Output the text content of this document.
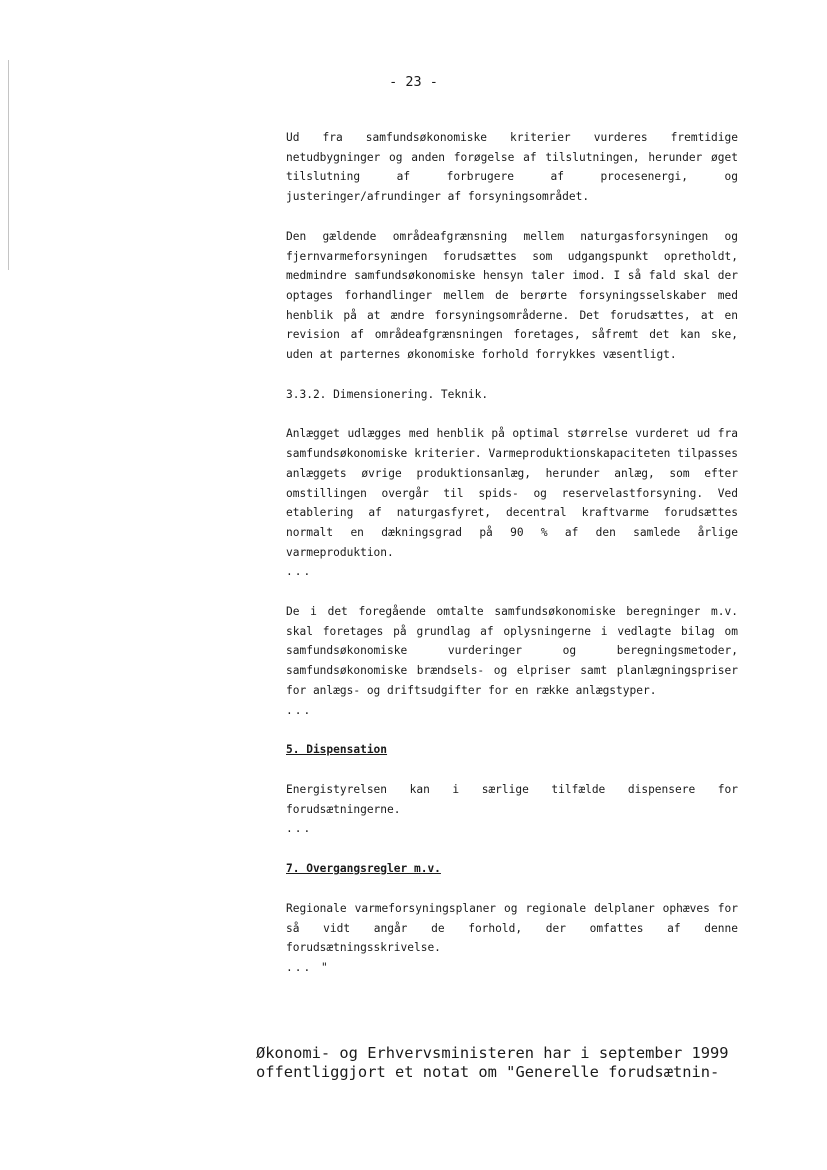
- 23 -

Ud fra samfundsøkonomiske kriterier vurderes fremtidige netudbygninger og anden forøgelse af tilslutningen, herunder øget tilslutning af forbrugere af procesenergi, og justeringer/afrundinger af forsyningsområdet.

Den gældende områdeafgrænsning mellem naturgasforsyningen og fjernvarmeforsyningen forudsættes som udgangspunkt opretholdt, medmindre samfundsøkonomiske hensyn taler imod. I så fald skal der optages forhandlinger mellem de berørte forsyningsselskaber med henblik på at ændre forsyningsområderne. Det forudsættes, at en revision af områdeafgrænsningen foretages, såfremt det kan ske, uden at parternes økonomiske forhold forrykkes væsentligt.

3.3.2. Dimensionering. Teknik.

Anlægget udlægges med henblik på optimal størrelse vurderet ud fra samfundsøkonomiske kriterier. Varmeproduktionskapaciteten tilpasses anlæggets øvrige produktionsanlæg, herunder anlæg, som efter omstillingen overgår til spids- og reservelastforsyning. Ved etablering af naturgasfyret, decentral kraftvarme forudsættes normalt en dækningsgrad på 90 % af den samlede årlige varmeproduktion.

...

De i det foregående omtalte samfundsøkonomiske beregninger m.v. skal foretages på grundlag af oplysningerne i vedlagte bilag om samfundsøkonomiske vurderinger og beregningsmetoder, samfundsøkonomiske brændsels- og elpriser samt planlægningspriser for anlægs- og driftsudgifter for en række anlægstyper.

...
5. Dispensation

Energistyrelsen kan i særlige tilfælde dispensere for forudsætningerne.

...
7. Overgangsregler m.v.

Regionale varmeforsyningsplaner og regionale delplaner ophæves for så vidt angår de forhold, der omfattes af denne forudsætningsskrivelse.

... "

Økonomi- og Erhvervsministeren har i september 1999

offentliggjort et notat om "Generelle forudsætnin-
